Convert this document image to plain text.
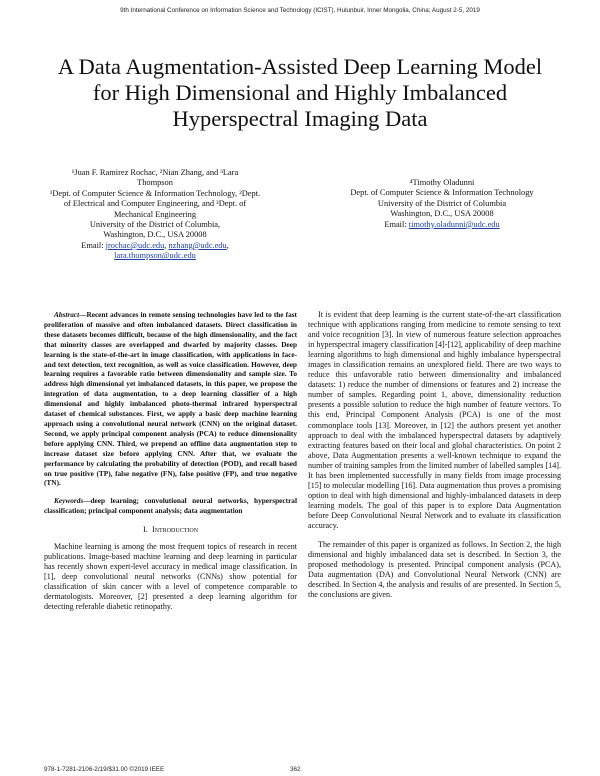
9th International Conference on Information Science and Technology (ICIST), Hulunbuir, Inner Mongolia, China; August 2-5, 2019
A Data Augmentation-Assisted Deep Learning Model
for High Dimensional and Highly Imbalanced
Hyperspectral Imaging Data
¹Juan F. Ramirez Rochac, ²Nian Zhang, and ³Lara
Thompson
¹Dept. of Computer Science & Information Technology, ²Dept.
of Electrical and Computer Engineering, and ³Dept. of
Mechanical Engineering
University of the District of Columbia,
Washington, D.C., USA 20008
Email: jrochac@udc.edu, nzhang@udc.edu,
lara.thompson@udc.edu
⁴Timothy Oladunni
Dept. of Computer Science & Information Technology
University of the District of Columbia
Washington, D.C., USA 20008
Email: timothy.oladunni@udc.edu

Abstract—Recent advances in remote sensing technologies have led to the fast proliferation of massive and often imbalanced datasets. Direct classification in these datasets becomes difficult, because of the high dimensionality, and the fact that minority classes are overlapped and dwarfed by majority classes. Deep learning is the state-of-the-art in image classification, with applications in face- and text detection, text recognition, as well as voice classification. However, deep learning requires a favorable ratio between dimensionality and sample size. To address high dimensional yet imbalanced datasets, in this paper, we propose the integration of data augmentation, to a deep learning classifier of a high dimensional and highly imbalanced photo-thermal infrared hyperspectral dataset of chemical substances. First, we apply a basic deep machine learning approach using a convolutional neural network (CNN) on the original dataset. Second, we apply principal component analysis (PCA) to reduce dimensionality before applying CNN. Third, we prepend an offline data augmentation step to increase dataset size before applying CNN. After that, we evaluate the performance by calculating the probability of detection (POD), and recall based on true positive (TP), false negative (FN), false positive (FP), and true negative (TN).

Keywords—deep learning; convolutional neural networks, hyperspectral classification; principal component analysis; data augmentation

I. Introduction

Machine learning is among the most frequent topics of research in recent publications. Image-based machine learning and deep learning in particular has recently shown expert-level accuracy in medical image classification. In [1], deep convolutional neural networks (CNNs) show potential for classification of skin cancer with a level of competence comparable to dermatologists. Moreover, [2] presented a deep learning algorithm for detecting referable diabetic retinopathy.

It is evident that deep learning is the current state-of-the-art classification technique with applications ranging from medicine to remote sensing to text and voice recognition [3]. In view of numerous feature selection approaches in hyperspectral imagery classification [4]-[12], applicability of deep machine learning algorithms to high dimensional and highly imbalance hyperspectral images in classification remains an unexplored field. There are two ways to reduce this unfavorable ratio between dimensionality and imbalanced datasets: 1) reduce the number of dimensions or features and 2) increase the number of samples. Regarding point 1, above, dimensionality reduction presents a possible solution to reduce the high number of feature vectors. To this end, Principal Component Analysis (PCA) is one of the most commonplace tools [13]. Moreover, in [12] the authors present yet another approach to deal with the imbalanced hyperspectral datasets by adaptively extracting features based on their local and global characteristics. On point 2 above, Data Augmentation presents a well-known technique to expand the number of training samples from the limited number of labelled samples [14]. It has been implemented successfully in many fields from image processing [15] to molecular modelling [16]. Data augmentation thus proves a promising option to deal with high dimensional and highly-imbalanced datasets in deep learning models. The goal of this paper is to explore Data Augmentation before Deep Convolutional Neural Network and to evaluate its classification accuracy.

The remainder of this paper is organized as follows. In Section 2, the high dimensional and highly imbalanced data set is described. In Section 3, the proposed methodology is presented. Principal component analysis (PCA), Data augmentation (DA) and Convolutional Neural Network (CNN) are described. In Section 4, the analysis and results of are presented. In Section 5, the conclusions are given.

978-1-7281-2106-2/19/$31.00 ©2019 IEEE	362
